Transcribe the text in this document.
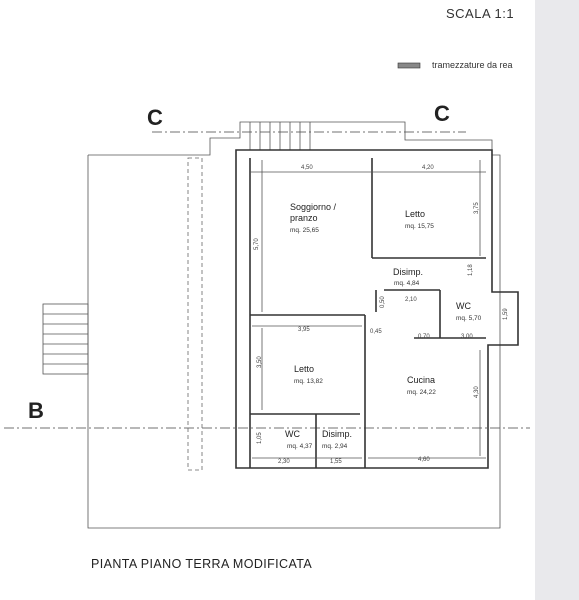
SCALA 1:1
tramezzature da rea
C	C
B
Soggiorno /
pranzo
mq. 25,65
Letto
mq. 15,75
Disimp.
mq. 4,84
WC
mq. 5,70
Letto
mq. 13,82	Cucina
mq. 24,22
WC
mq. 4,37
Disimp.
mq. 2,94
4,50	4,20
5,70
3,75
1,18
0,50	2,10
0,45
0,70	3,00
1,59
3,95
3,50
4,30
1,05
2,30	1,55	4,60
PIANTA PIANO TERRA MODIFICATA
